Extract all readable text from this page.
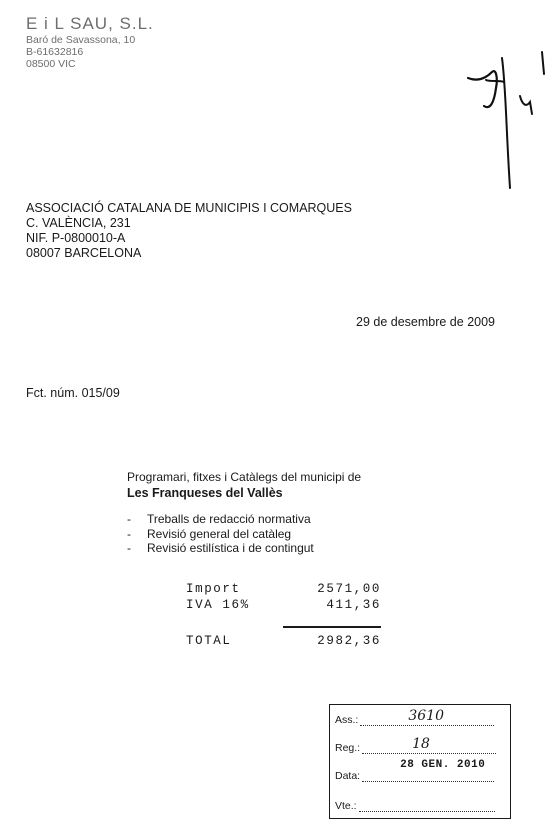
E i L SAU, S.L.
Baró de Savassona, 10
B-61632816
08500 VIC
ASSOCIACIÓ CATALANA DE MUNICIPIS I COMARQUES
C. VALÈNCIA, 231
NIF. P-0800010-A
08007 BARCELONA
29 de desembre de 2009
Fct. núm. 015/09
Programari, fitxes i Catàlegs del municipi de
Les Franqueses del Vallès
-	Treballs de redacció normativa
-	Revisió general del catàleg
-	Revisió estilística i de contingut
Import	2571,00
IVA 16%	411,36
TOTAL	2982,36
Ass.:	3610
Reg.:	18
Data:
28 GEN. 2010
Vte.:
